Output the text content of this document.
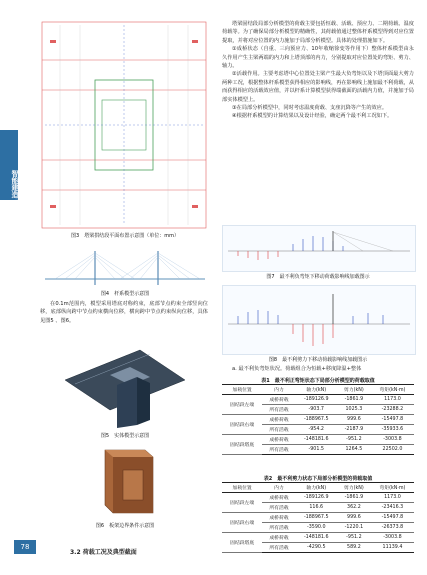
智能建造 建筑结构研究与应用	图3　塔梁拱结段平面布置示意图（单位：mm）
图4　杆系模型示意图

在0.1m范围内，模型采用塔底对称约束，底部节点约束全部竖向位移，底部纵向跨中节点约束横向位移，横向跨中节点约束纵向位移，具体见图5 、图6。

图5　实体模型示意图
图6　板架边界条件示意图

塔梁固结段局部分析模型的荷载主要包括恒载、活载、预应力、二期荷载、温度荷载等。为了确保局部分析模型的精确性，其荷载值通过整体杆系模型得到对应位置提取，并将对应位置的内力施加于局部分析模型。具体的处理措施如下。

①成桥状态（自重、三向预应力、10年收缩徐变等作用下）整体杆系模型由永久作用产生主梁两端的内力和上塔顶部的内力，分别提取对应位置处的弯矩、剪力、轴力。

②活载作用。主要考虑塔中心位置处主梁产生最大负弯矩以及下塔顶面最大剪力两种工况，根据整体杆系模型获得相应的影响线，再在影响线上施加最不利荷载，从而获得相应的活载效应值，并以杆系计算模型获得端截面的活载内力值，并施加于局部实体模型上。

③在局部分析模型中，同时考虑温度荷载、支座沉降等产生的效应。

④根据杆系模型的计算结果以及设计经验，确定两个最不利工况如下。

图7　最不利负弯矩下移动荷载影响线加载图示
图8　最不利剪力下移动荷载影响线加载图示

a. 最不利负弯矩状况。荷载组合为恒载+移度降温+整体

表1　最不利正弯矩状态下局部分析模型的荷载取值
加载位置	内力	轴力(kN)	剪力(kN)	弯矩(kN·m)
固结段左端	成桥荷载	-189126.9	-1861.9	1173.0
	所有活载	-903.7	1025.3	-23288.2
固结段右端	成桥荷载	-188967.5	999.6	-15497.8
	所有活载	-954.2	-2187.9	-35933.6
固结段塔底	成桥荷载	-148181.6	-951.2	-3003.8
	所有活载	-901.5	1264.5	22502.0
表2　最不利剪力状态下局部分析模型的荷载取值
加载位置	内力	轴力(kN)	剪力(kN)	弯矩(kN·m)
固结段左端	成桥荷载	-189126.9	-1861.9	1173.0
	所有活载	116.6	362.2	-23416.3
固结段右端	成桥荷载	-188967.5	999.6	-15497.8
	所有活载	-3590.0	-1220.1	-26373.8
固结段塔底	成桥荷载	-148181.6	-951.2	-3003.8
	所有活载	-4290.5	589.2	11139.4
78
3.2 荷载工况及典型截面
